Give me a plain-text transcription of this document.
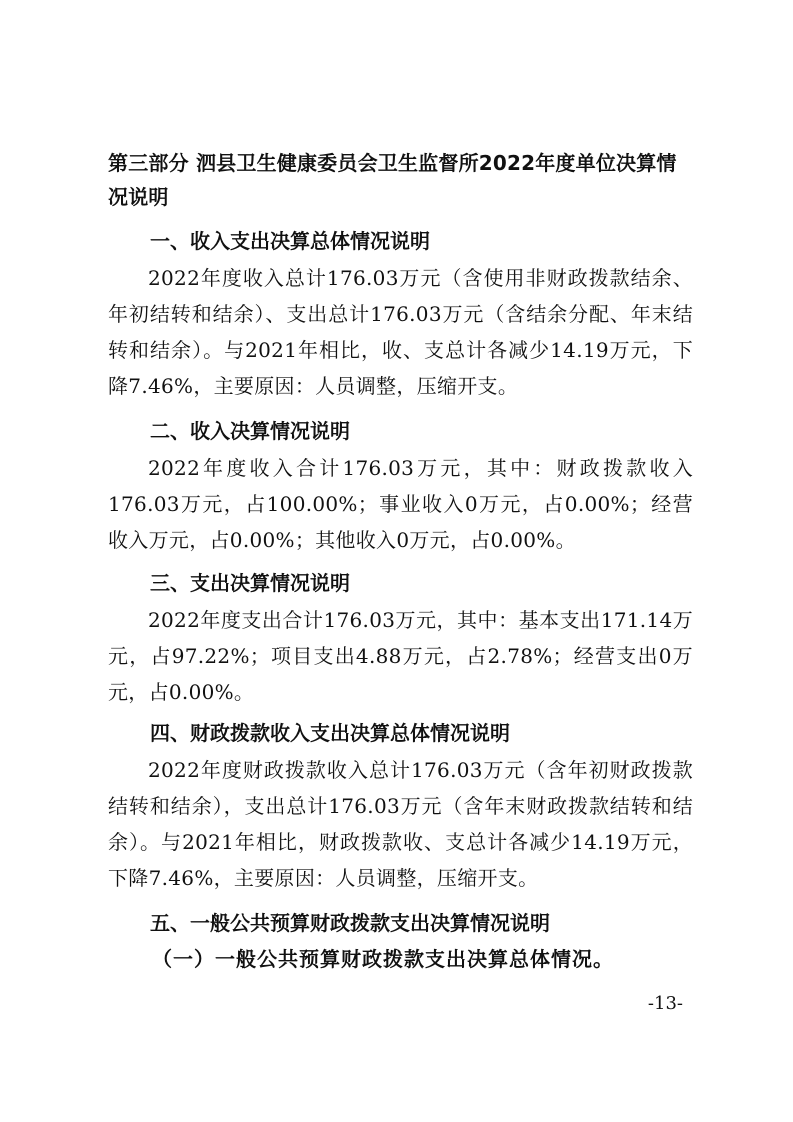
第三部分 泗县卫生健康委员会卫生监督所2022年度单位决算情况说明
一、收入支出决算总体情况说明
2022年度收入总计176.03万元（含使用非财政拨款结余、年初结转和结余）、支出总计176.03万元（含结余分配、年末结转和结余）。与2021年相比，收、支总计各减少14.19万元，下降7.46%，主要原因：人员调整，压缩开支。
二、收入决算情况说明
2022年度收入合计176.03万元，其中：财政拨款收入176.03万元，占100.00%；事业收入0万元，占0.00%；经营收入万元，占0.00%；其他收入0万元，占0.00%。
三、支出决算情况说明
2022年度支出合计176.03万元，其中：基本支出171.14万元，占97.22%；项目支出4.88万元，占2.78%；经营支出0万元，占0.00%。
四、财政拨款收入支出决算总体情况说明
2022年度财政拨款收入总计176.03万元（含年初财政拨款结转和结余），支出总计176.03万元（含年末财政拨款结转和结余）。与2021年相比，财政拨款收、支总计各减少14.19万元，下降7.46%，主要原因：人员调整，压缩开支。
五、一般公共预算财政拨款支出决算情况说明
（一）一般公共预算财政拨款支出决算总体情况。
-13-
